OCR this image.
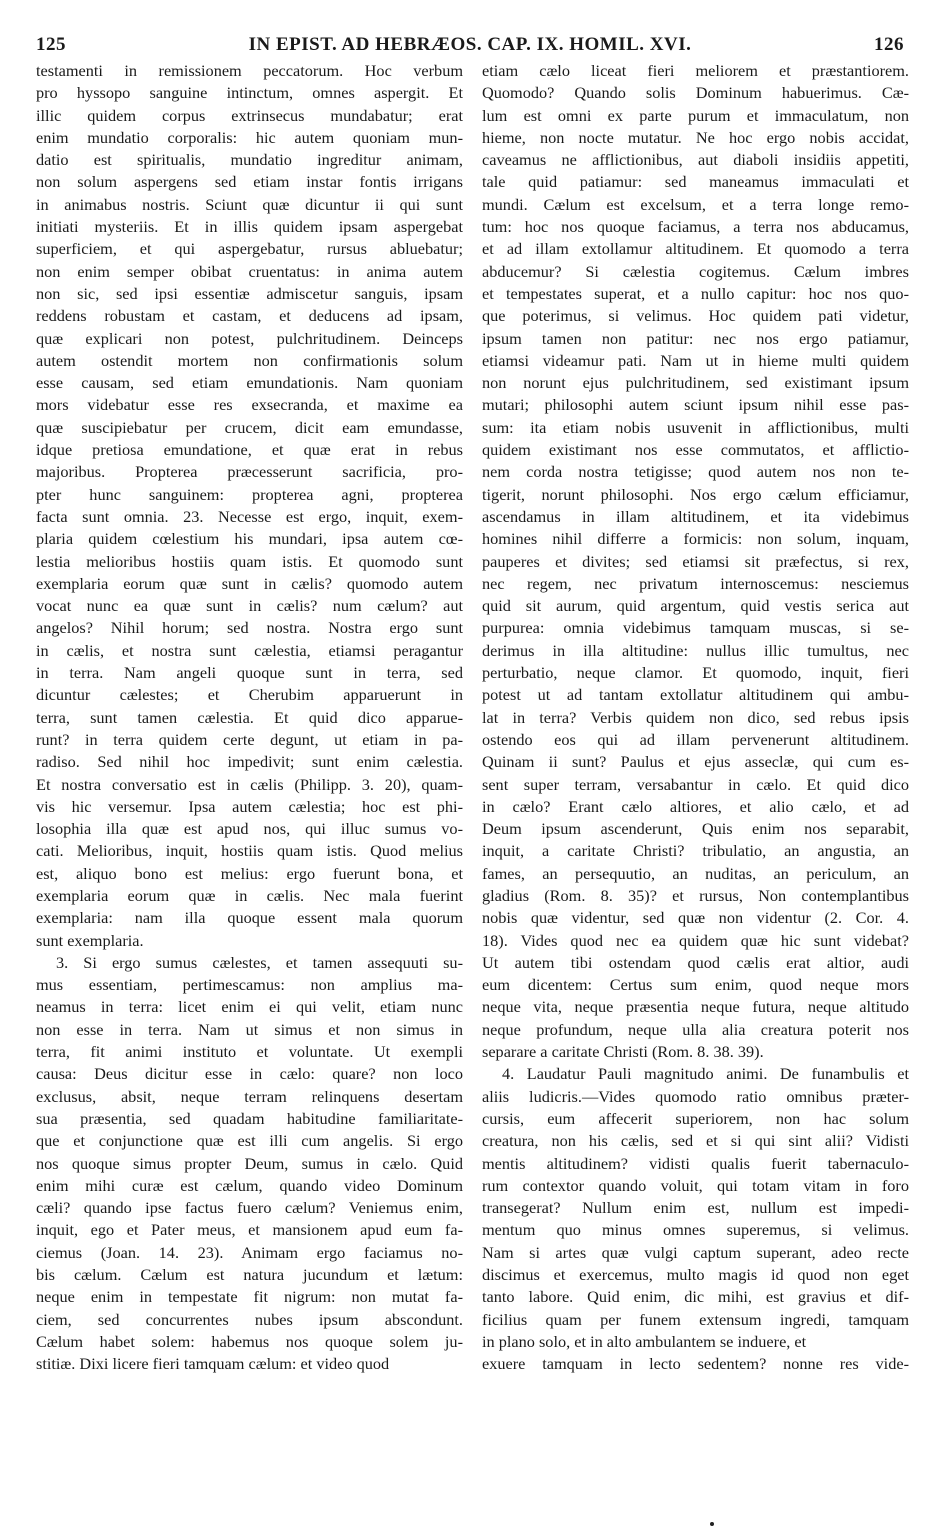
125	IN EPIST. AD HEBRÆOS. CAP. IX. HOMIL. XVI.	126
testamenti in remissionem peccatorum. Hoc verbum
pro hyssopo sanguine intinctum, omnes aspergit. Et
illic quidem corpus extrinsecus mundabatur; erat
enim mundatio corporalis: hic autem quoniam mun-
datio est spiritualis, mundatio ingreditur animam,
non solum aspergens sed etiam instar fontis irrigans
in animabus nostris. Sciunt quæ dicuntur ii qui sunt
initiati mysteriis. Et in illis quidem ipsam aspergebat
superficiem, et qui aspergebatur, rursus abluebatur;
non enim semper obibat cruentatus: in anima autem
non sic, sed ipsi essentiæ admiscetur sanguis, ipsam
reddens robustam et castam, et deducens ad ipsam,
quæ explicari non potest, pulchritudinem. Deinceps
autem ostendit mortem non confirmationis solum
esse causam, sed etiam emundationis. Nam quoniam
mors videbatur esse res exsecranda, et maxime ea
quæ suscipiebatur per crucem, dicit eam emundasse,
idque pretiosa emundatione, et quæ erat in rebus
majoribus. Propterea præcesserunt sacrificia, pro-
pter hunc sanguinem: propterea agni, propterea
facta sunt omnia. 23. Necesse est ergo, inquit, exem-
plaria quidem cœlestium his mundari, ipsa autem cœ-
lestia melioribus hostiis quam istis. Et quomodo sunt
exemplaria eorum quæ sunt in cælis? quomodo autem
vocat nunc ea quæ sunt in cælis? num cælum? aut
angelos? Nihil horum; sed nostra. Nostra ergo sunt
in cælis, et nostra sunt cælestia, etiamsi peragantur
in terra. Nam angeli quoque sunt in terra, sed
dicuntur cælestes; et Cherubim apparuerunt in
terra, sunt tamen cælestia. Et quid dico apparue-
runt? in terra quidem certe degunt, ut etiam in pa-
radiso. Sed nihil hoc impedivit; sunt enim cælestia.
Et nostra conversatio est in cælis (Philipp. 3. 20), quam-
vis hic versemur. Ipsa autem cælestia; hoc est phi-
losophia illa quæ est apud nos, qui illuc sumus vo-
cati. Melioribus, inquit, hostiis quam istis. Quod melius
est, aliquo bono est melius: ergo fuerunt bona, et
exemplaria eorum quæ in cælis. Nec mala fuerint
exemplaria: nam illa quoque essent mala quorum
sunt exemplaria.
3. Si ergo sumus cælestes, et tamen assequuti su-
mus essentiam, pertimescamus: non amplius ma-
neamus in terra: licet enim ei qui velit, etiam nunc
non esse in terra. Nam ut simus et non simus in
terra, fit animi instituto et voluntate. Ut exempli
causa: Deus dicitur esse in cælo: quare? non loco
exclusus, absit, neque terram relinquens desertam
sua præsentia, sed quadam habitudine familiaritate-
que et conjunctione quæ est illi cum angelis. Si ergo
nos quoque simus propter Deum, sumus in cælo. Quid
enim mihi curæ est cælum, quando video Dominum
cæli? quando ipse factus fuero cælum? Veniemus enim,
inquit, ego et Pater meus, et mansionem apud eum fa-
ciemus (Joan. 14. 23). Animam ergo faciamus no-
bis cælum. Cælum est natura jucundum et lætum:
neque enim in tempestate fit nigrum: non mutat fa-
ciem, sed concurrentes nubes ipsum abscondunt.
Cælum habet solem: habemus nos quoque solem ju-
stitiæ. Dixi licere fieri tamquam cælum: et video quod
etiam cælo liceat fieri meliorem et præstantiorem.
Quomodo? Quando solis Dominum habuerimus. Cæ-
lum est omni ex parte purum et immaculatum, non
hieme, non nocte mutatur. Ne hoc ergo nobis accidat,
caveamus ne afflictionibus, aut diaboli insidiis appetiti,
tale quid patiamur: sed maneamus immaculati et
mundi. Cælum est excelsum, et a terra longe remo-
tum: hoc nos quoque faciamus, a terra nos abducamus,
et ad illam extollamur altitudinem. Et quomodo a terra
abducemur? Si cælestia cogitemus. Cælum imbres
et tempestates superat, et a nullo capitur: hoc nos quo-
que poterimus, si velimus. Hoc quidem pati videtur,
ipsum tamen non patitur: nec nos ergo patiamur,
etiamsi videamur pati. Nam ut in hieme multi quidem
non norunt ejus pulchritudinem, sed existimant ipsum
mutari; philosophi autem sciunt ipsum nihil esse pas-
sum: ita etiam nobis usuvenit in afflictionibus, multi
quidem existimant nos esse commutatos, et afflictio-
nem corda nostra tetigisse; quod autem nos non te-
tigerit, norunt philosophi. Nos ergo cælum efficiamur,
ascendamus in illam altitudinem, et ita videbimus
homines nihil differre a formicis: non solum, inquam,
pauperes et divites; sed etiamsi sit præfectus, si rex,
nec regem, nec privatum internoscemus: nesciemus
quid sit aurum, quid argentum, quid vestis serica aut
purpurea: omnia videbimus tamquam muscas, si se-
derimus in illa altitudine: nullus illic tumultus, nec
perturbatio, neque clamor. Et quomodo, inquit, fieri
potest ut ad tantam extollatur altitudinem qui ambu-
lat in terra? Verbis quidem non dico, sed rebus ipsis
ostendo eos qui ad illam pervenerunt altitudinem.
Quinam ii sunt? Paulus et ejus asseclæ, qui cum es-
sent super terram, versabantur in cælo. Et quid dico
in cælo? Erant cælo altiores, et alio cælo, et ad
Deum ipsum ascenderunt, Quis enim nos separabit,
inquit, a caritate Christi? tribulatio, an angustia, an
fames, an persequutio, an nuditas, an periculum, an
gladius (Rom. 8. 35)? et rursus, Non contemplantibus
nobis quæ videntur, sed quæ non videntur (2. Cor. 4.
18). Vides quod nec ea quidem quæ hic sunt videbat?
Ut autem tibi ostendam quod cælis erat altior, audi
eum dicentem: Certus sum enim, quod neque mors
neque vita, neque præsentia neque futura, neque altitudo
neque profundum, neque ulla alia creatura poterit nos
separare a caritate Christi (Rom. 8. 38. 39).
4. Laudatur Pauli magnitudo animi. De funambulis et
aliis ludicris.—Vides quomodo ratio omnibus præter-
cursis, eum affecerit superiorem, non hac solum
creatura, non his cælis, sed et si qui sint alii? Vidisti
mentis altitudinem? vidisti qualis fuerit tabernaculo-
rum contextor quando voluit, qui totam vitam in foro
transegerat? Nullum enim est, nullum est impedi-
mentum quo minus omnes superemus, si velimus.
Nam si artes quæ vulgi captum superant, adeo recte
discimus et exercemus, multo magis id quod non eget
tanto labore. Quid enim, dic mihi, est gravius et dif-
ficilius quam per funem extensum ingredi, tamquam
in plano solo, et in alto ambulantem se induere, et
exuere tamquam in lecto sedentem? nonne res vide-
